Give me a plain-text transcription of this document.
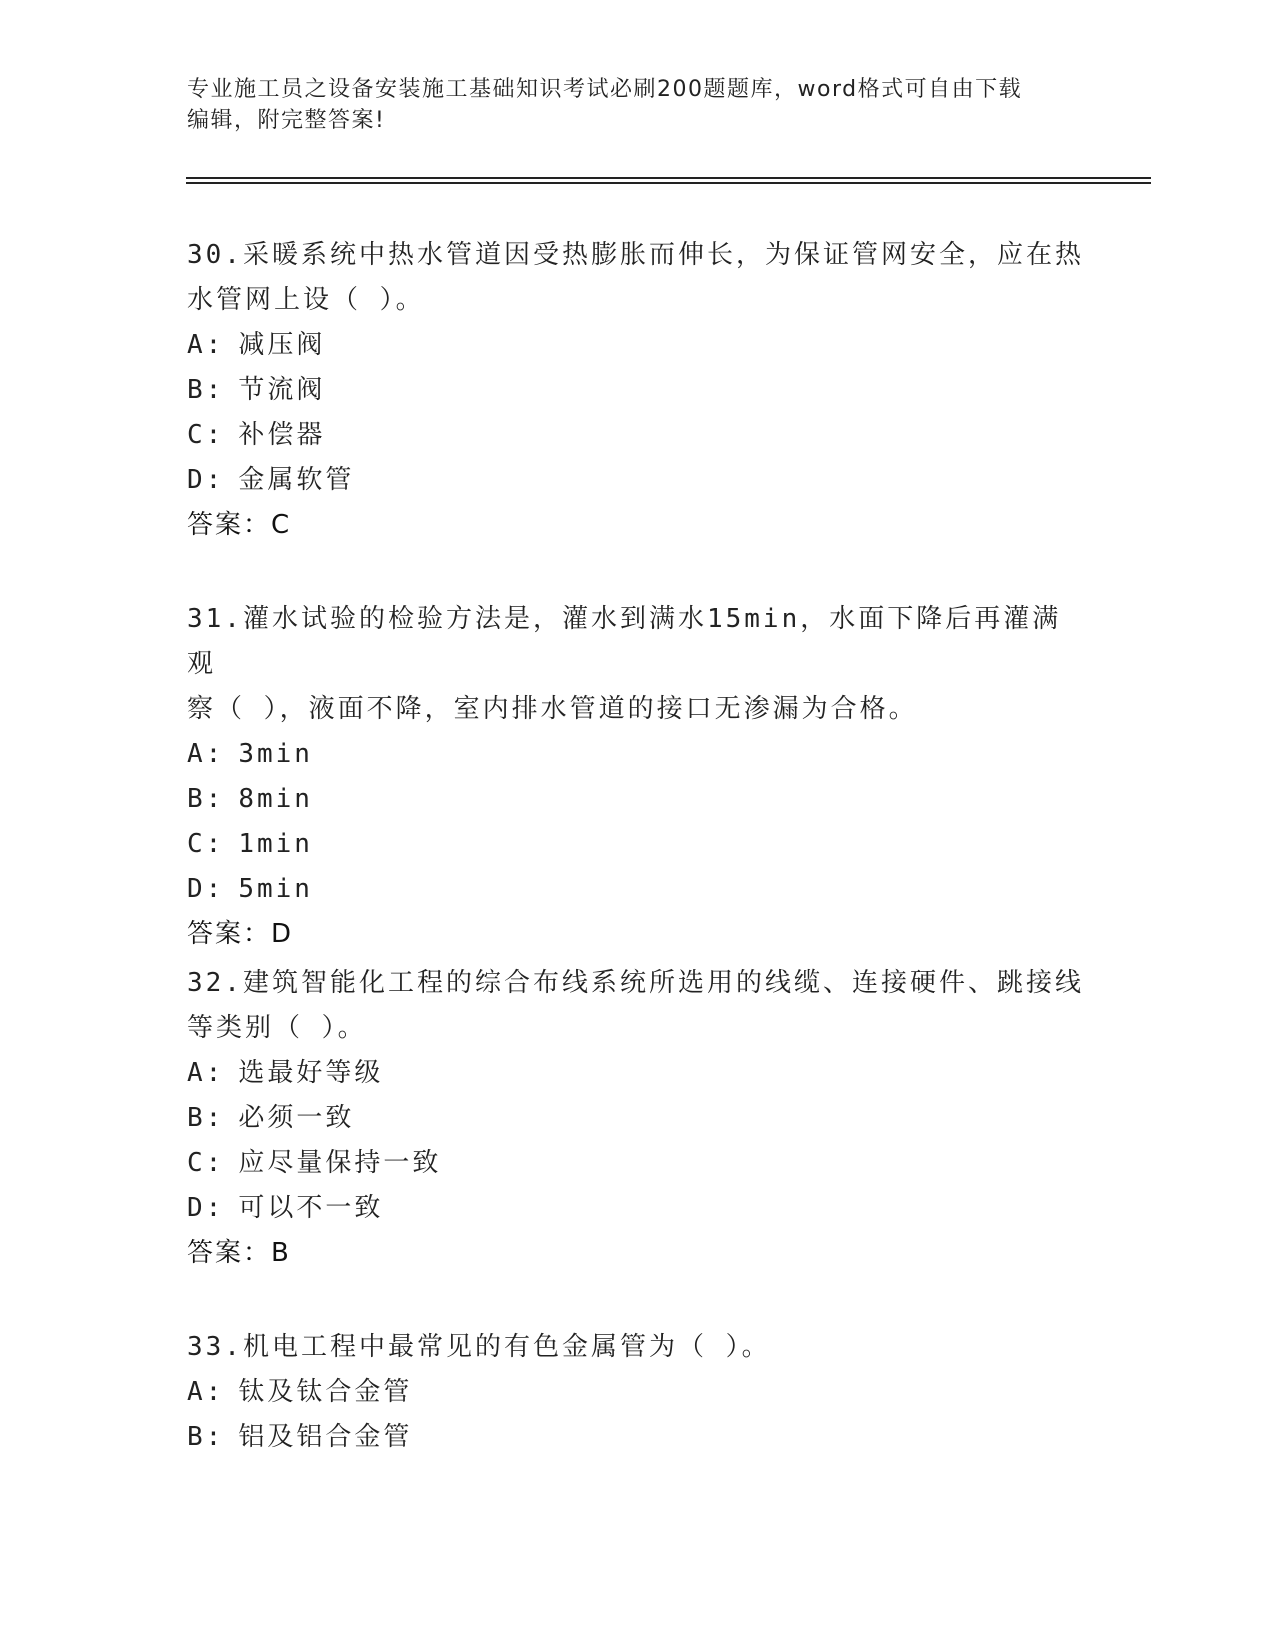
专业施工员之设备安装施工基础知识考试必刷200题题库，word格式可自由下载
编辑，附完整答案!
30.采暖系统中热水管道因受热膨胀而伸长，为保证管网安全，应在热
水管网上设（ ）。
A: 减压阀
B: 节流阀
C: 补偿器
D: 金属软管
答案：C
31.灌水试验的检验方法是，灌水到满水15min，水面下降后再灌满观
察（ ），液面不降，室内排水管道的接口无渗漏为合格。
A: 3min
B: 8min
C: 1min
D: 5min
答案：D
32.建筑智能化工程的综合布线系统所选用的线缆、连接硬件、跳接线
等类别（ ）。
A: 选最好等级
B: 必须一致
C: 应尽量保持一致
D: 可以不一致
答案：B
33.机电工程中最常见的有色金属管为（ ）。
A: 钛及钛合金管
B: 铝及铝合金管
